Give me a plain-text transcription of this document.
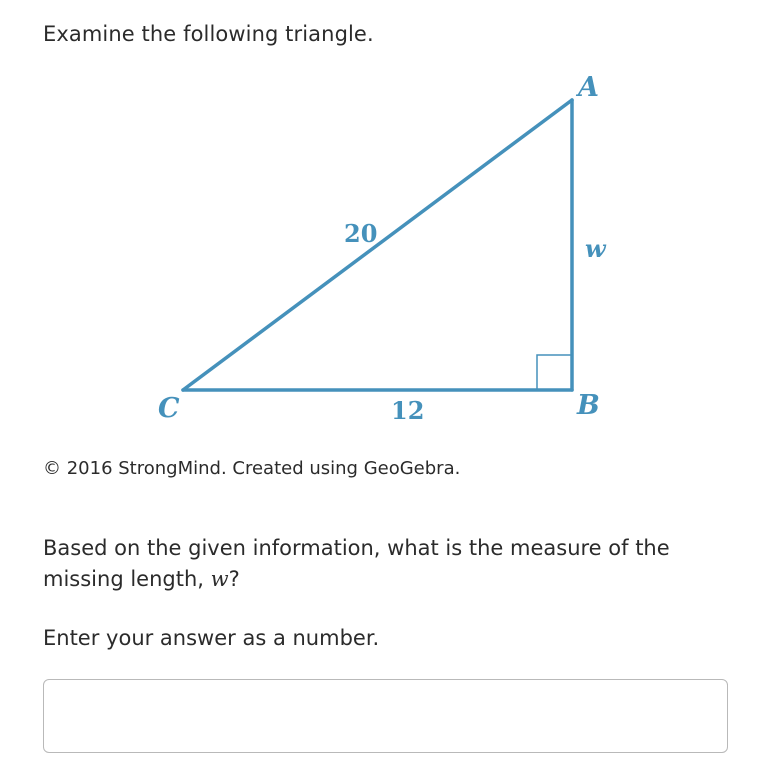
Examine the following triangle.

A
B
C
20
12
w

© 2016 StrongMind. Created using GeoGebra.

Based on the given information, what is the measure of the missing length, w?

Enter your answer as a number.
